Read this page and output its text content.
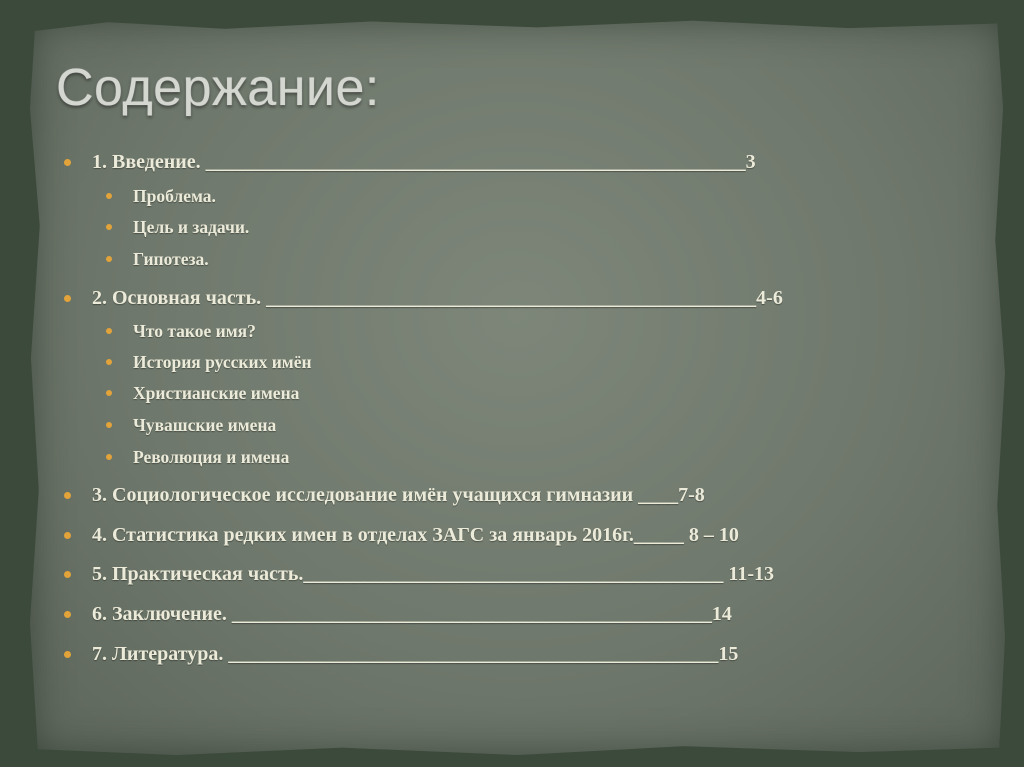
Содержание:
1. Введение. ______________________________________________________3
Проблема.
Цель и задачи.
Гипотеза.
2. Основная часть. _________________________________________________4-6
Что такое имя?
История русских имён
Христианские имена
Чувашские имена
Революция и имена
3. Социологическое исследование имён учащихся гимназии ____7-8
4. Статистика редких имен в отделах ЗАГС за январь 2016г._____ 8 – 10
5. Практическая часть.__________________________________________ 11-13
6. Заключение. ________________________________________________14
7. Литература. _________________________________________________15
